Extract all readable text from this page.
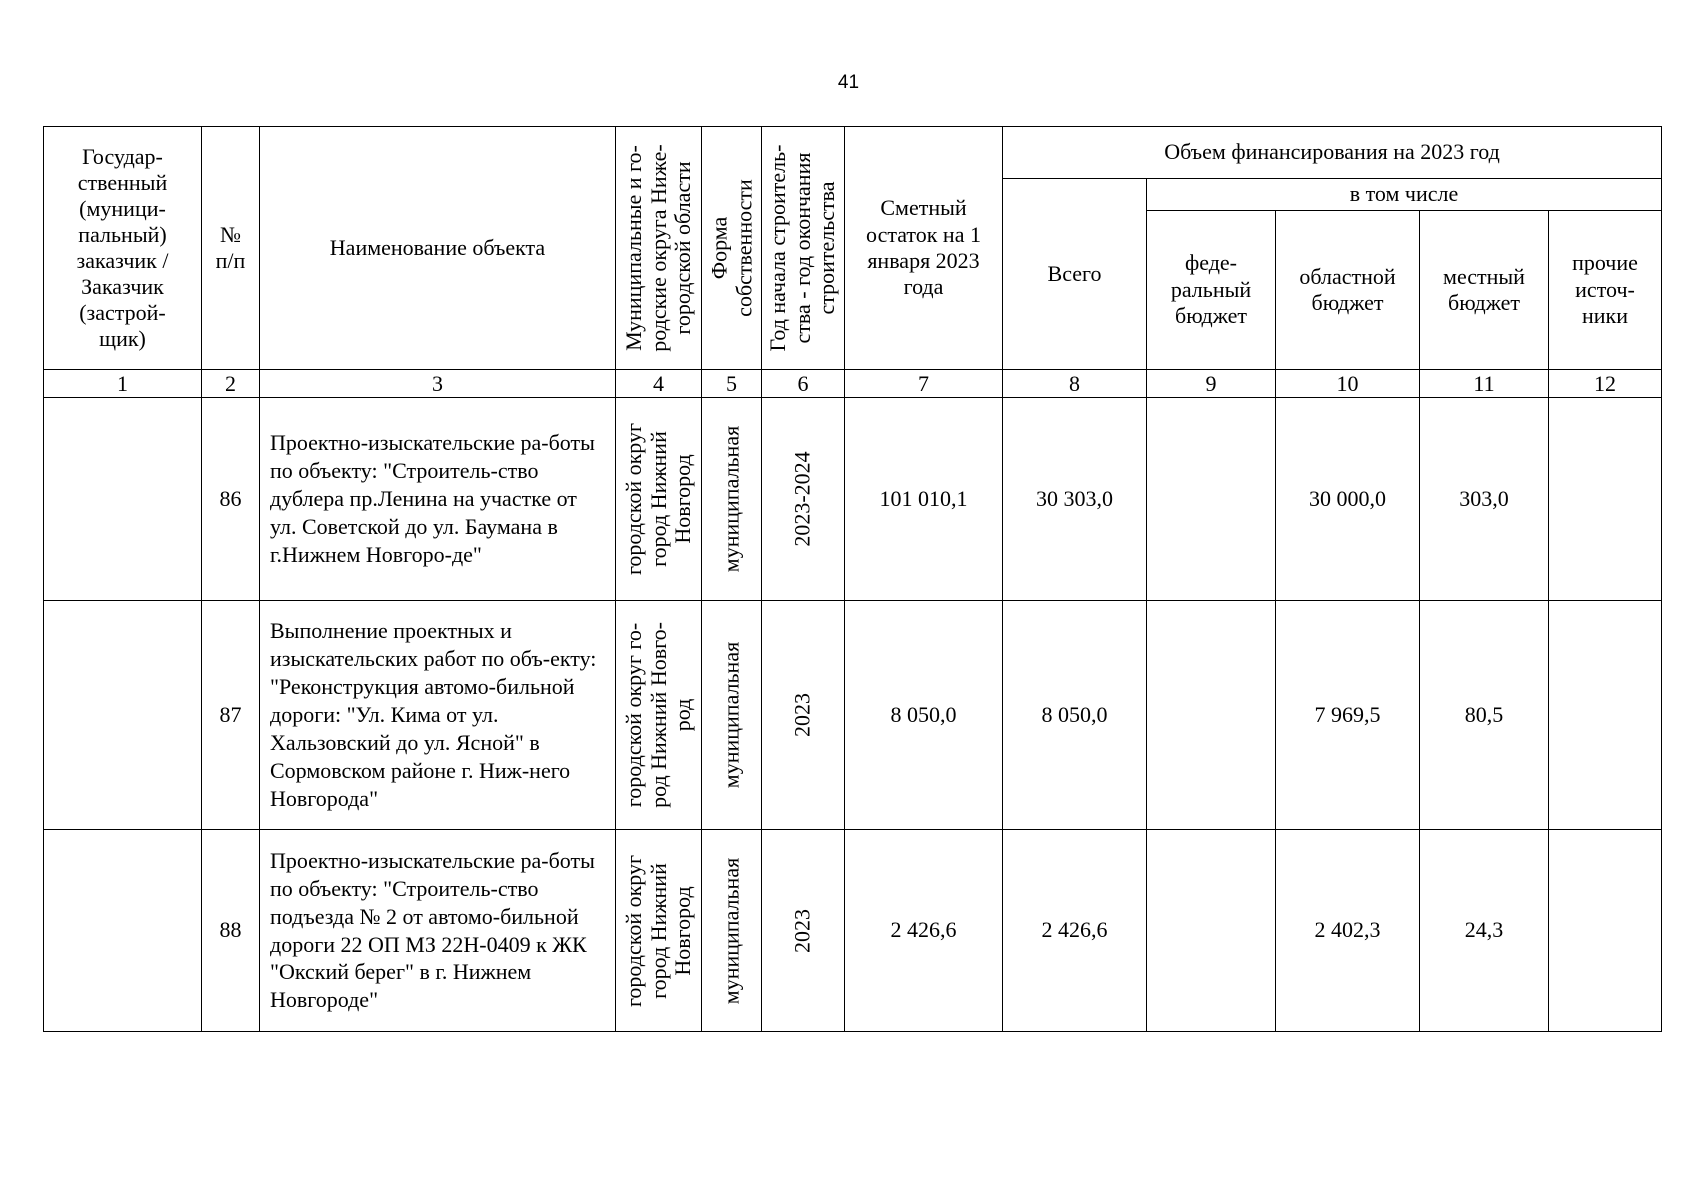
41
Государ-ственный (муници-пальный) заказчик / Заказчик (застрой-щик)	№ п/п	Наименование объекта	Муниципальные и го-родские округа Ниже-городской области	Форма собственности	Год начала строитель-ства - год окончания строительства	Сметный остаток на 1 января 2023 года	Объем финансирования на 2023 год				
							Всего	в том числе			

								феде-ральный бюджет	областной бюджет	местный бюджет	прочие источ-ники

1	2	3	4	5	6	7	8	9	10	11	12
	86	Проектно-изыскательские ра-боты по объекту: "Строитель-ство дублера пр.Ленина на участке от ул. Советской до ул. Баумана в г.Нижнем Новгоро-де"	городской округ город Нижний Новгород	муниципальная	2023-2024	101 010,1	30 303,0		30 000,0	303,0	
	87	Выполнение проектных и изыскательских работ по объ-екту: "Реконструкция автомо-бильной дороги: "Ул. Кима от ул. Хальзовский до ул. Ясной" в Сормовском районе г. Ниж-него Новгорода"	городской округ го-род Нижний Новго-род	муниципальная	2023	8 050,0	8 050,0		7 969,5	80,5	
	88	Проектно-изыскательские ра-боты по объекту: "Строитель-ство подъезда № 2 от автомо-бильной дороги 22 ОП МЗ 22Н-0409 к ЖК "Окский берег" в г. Нижнем Новгороде"	городской округ город Нижний Новгород	муниципальная	2023	2 426,6	2 426,6		2 402,3	24,3	
